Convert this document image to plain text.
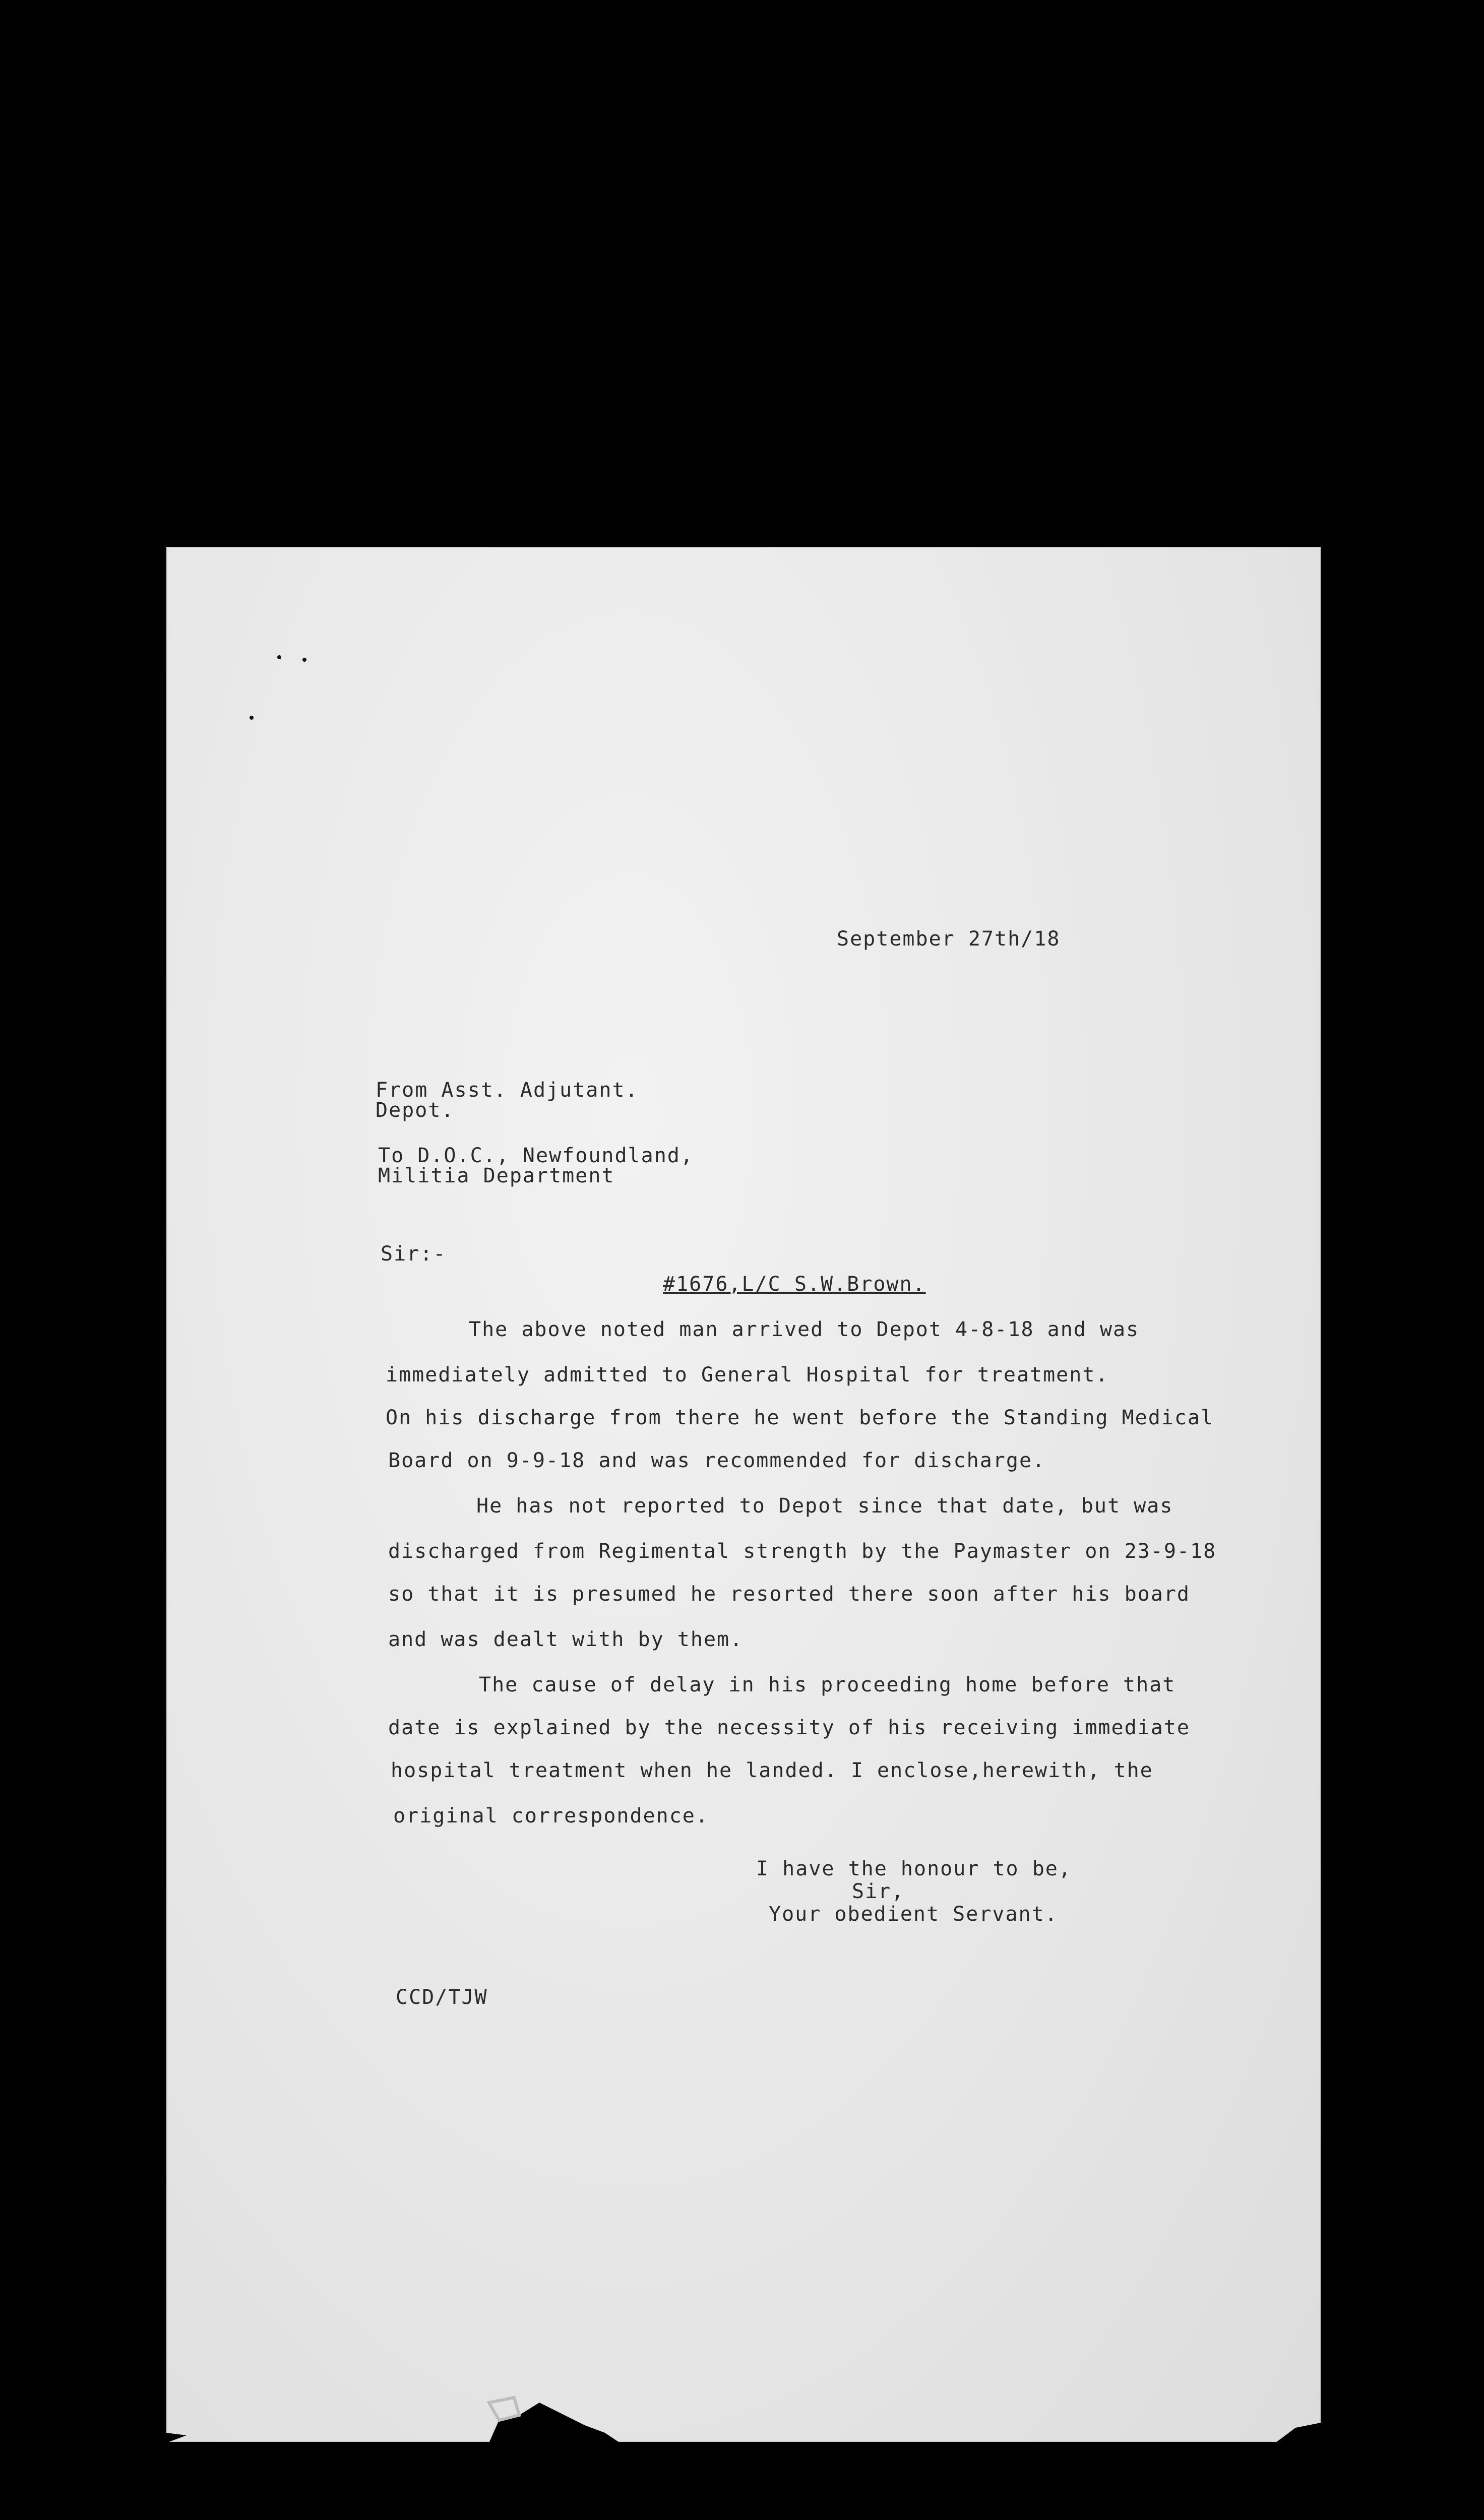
September 27th/18
From Asst. Adjutant.
Depot.
To D.O.C., Newfoundland,
Militia Department
Sir:-
#1676,L/C S.W.Brown.
The above noted man arrived to Depot 4-8-18 and was
immediately admitted to General Hospital for treatment.
On his discharge from there he went before the Standing Medical
Board on 9-9-18 and was recommended for discharge.
He has not reported to Depot since that date, but was
discharged from Regimental strength by the Paymaster on 23-9-18
so that it is presumed he resorted there soon after his board
and was dealt with by them.
The cause of delay in his proceeding home before that
date is explained by the necessity of his receiving immediate
hospital treatment when he landed. I enclose,herewith, the
original correspondence.
I have the honour to be,
Sir,
Your obedient Servant.
CCD/TJW
